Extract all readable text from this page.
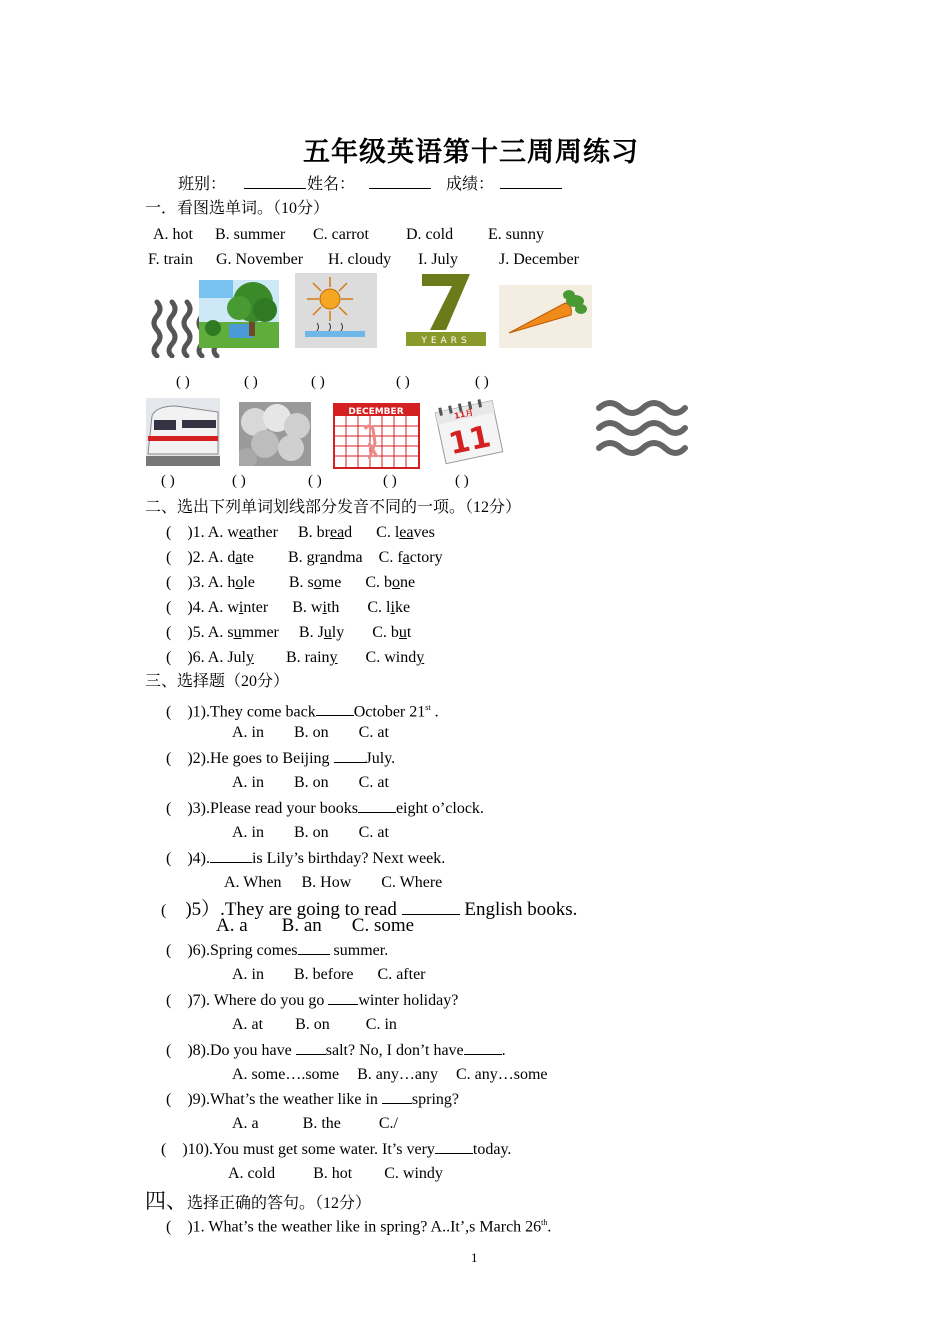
五年级英语第十三周周练习
班别：	姓名：	成绩：
一．看图选单词。（10分）
A. hot B. summer C. carrot D. cold E. sunny
F. train G. November H. cloudy I. July	J. December
YEARS
( )	( )	( )	( )	( )
DECEMBER	11月
11
( )	( )	( )	( )	( )
二、选出下列单词划线部分发音不同的一项。（12分）
( )1. A. weather B. bread C. leaves
( )2. A. date B. grandma C. factory
( )3. A. hole B. some C. bone
( )4. A. winter B. with C. like
( )5. A. summer B. July C. but
( )6. A. July B. rainy C. windy
三、选择题（20分）
( )1).They come back October 21st .
A. in B. on C. at
( )2).He goes to Beijing July.
A. in B. on C. at
( )3).Please read your books eight o’clock.
A. in B. on C. at
( )4).	is Lily’s birthday? Next week.
A. When B. How C. Where
( )5）.They are going to read	English books.
A. a B. an C. some
( )6).Spring comes summer.
A. in B. before C. after
( )7). Where do you go winter holiday?
A. at B. on C. in
( )8).Do you have salt? No, I don’t have .
A. some….some B. any…any C. any…some
( )9).What’s the weather like in spring?
A. a	B. the C./
( )10).You must get some water. It’s very today.
A. cold B. hot C. windy
四、选择正确的答句。（12分）
( )1. What’s the weather like in spring? A..It’,s March 26th.
1
